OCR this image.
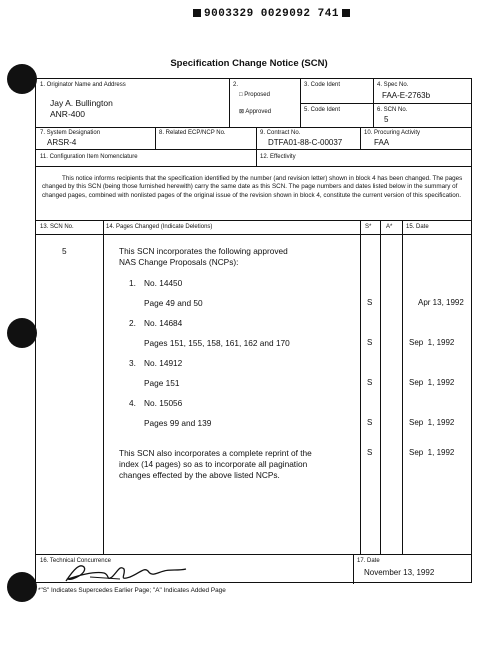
9003329 0029092 741
Specification Change Notice (SCN)
1. Originator Name and Address
Jay A. Bullington
ANR-400
2.
□ Proposed
⊠ Approved
3. Code Ident
5. Code Ident
4. Spec No.
FAA-E-2763b
6. SCN No.
5
7. System Designation
ARSR-4
8. Related ECP/NCP No.	9. Contract No.
DTFA01-88-C-00037
10. Procuring Activity
FAA
11. Configuration Item Nomenclature	12. Effectivity
This notice informs recipients that the specification identified by the number (and revision letter) shown in block 4 has been changed. The pages changed by this SCN (being those furnished herewith) carry the same date as this SCN. The page numbers and dates listed below in the summary of changed pages, combined with nonlisted pages of the original issue of the revision shown in block 4, constitute the current version of this specification.
13. SCN No.	14. Pages Changed (Indicate Deletions)	S* A* 15. Date
5	This SCN incorporates the following approved
NAS Change Proposals (NCPs):
1. No. 14450
Page 49 and 50	S	Apr 13, 1992
2. No. 14684
Pages 151, 155, 158, 161, 162 and 170	S	Sep  1, 1992
3. No. 14912
Page 151	S	Sep  1, 1992
4. No. 15056
Pages 99 and 139	S	Sep  1, 1992
This SCN also incorporates a complete reprint of the
index (14 pages) so as to incorporate all pagination
changes effected by the above listed NCPs.
S	Sep  1, 1992
16. Technical Concurrence	17. Date
November 13, 1992
*"S" Indicates Supercedes Earlier Page; "A" Indicates Added Page
